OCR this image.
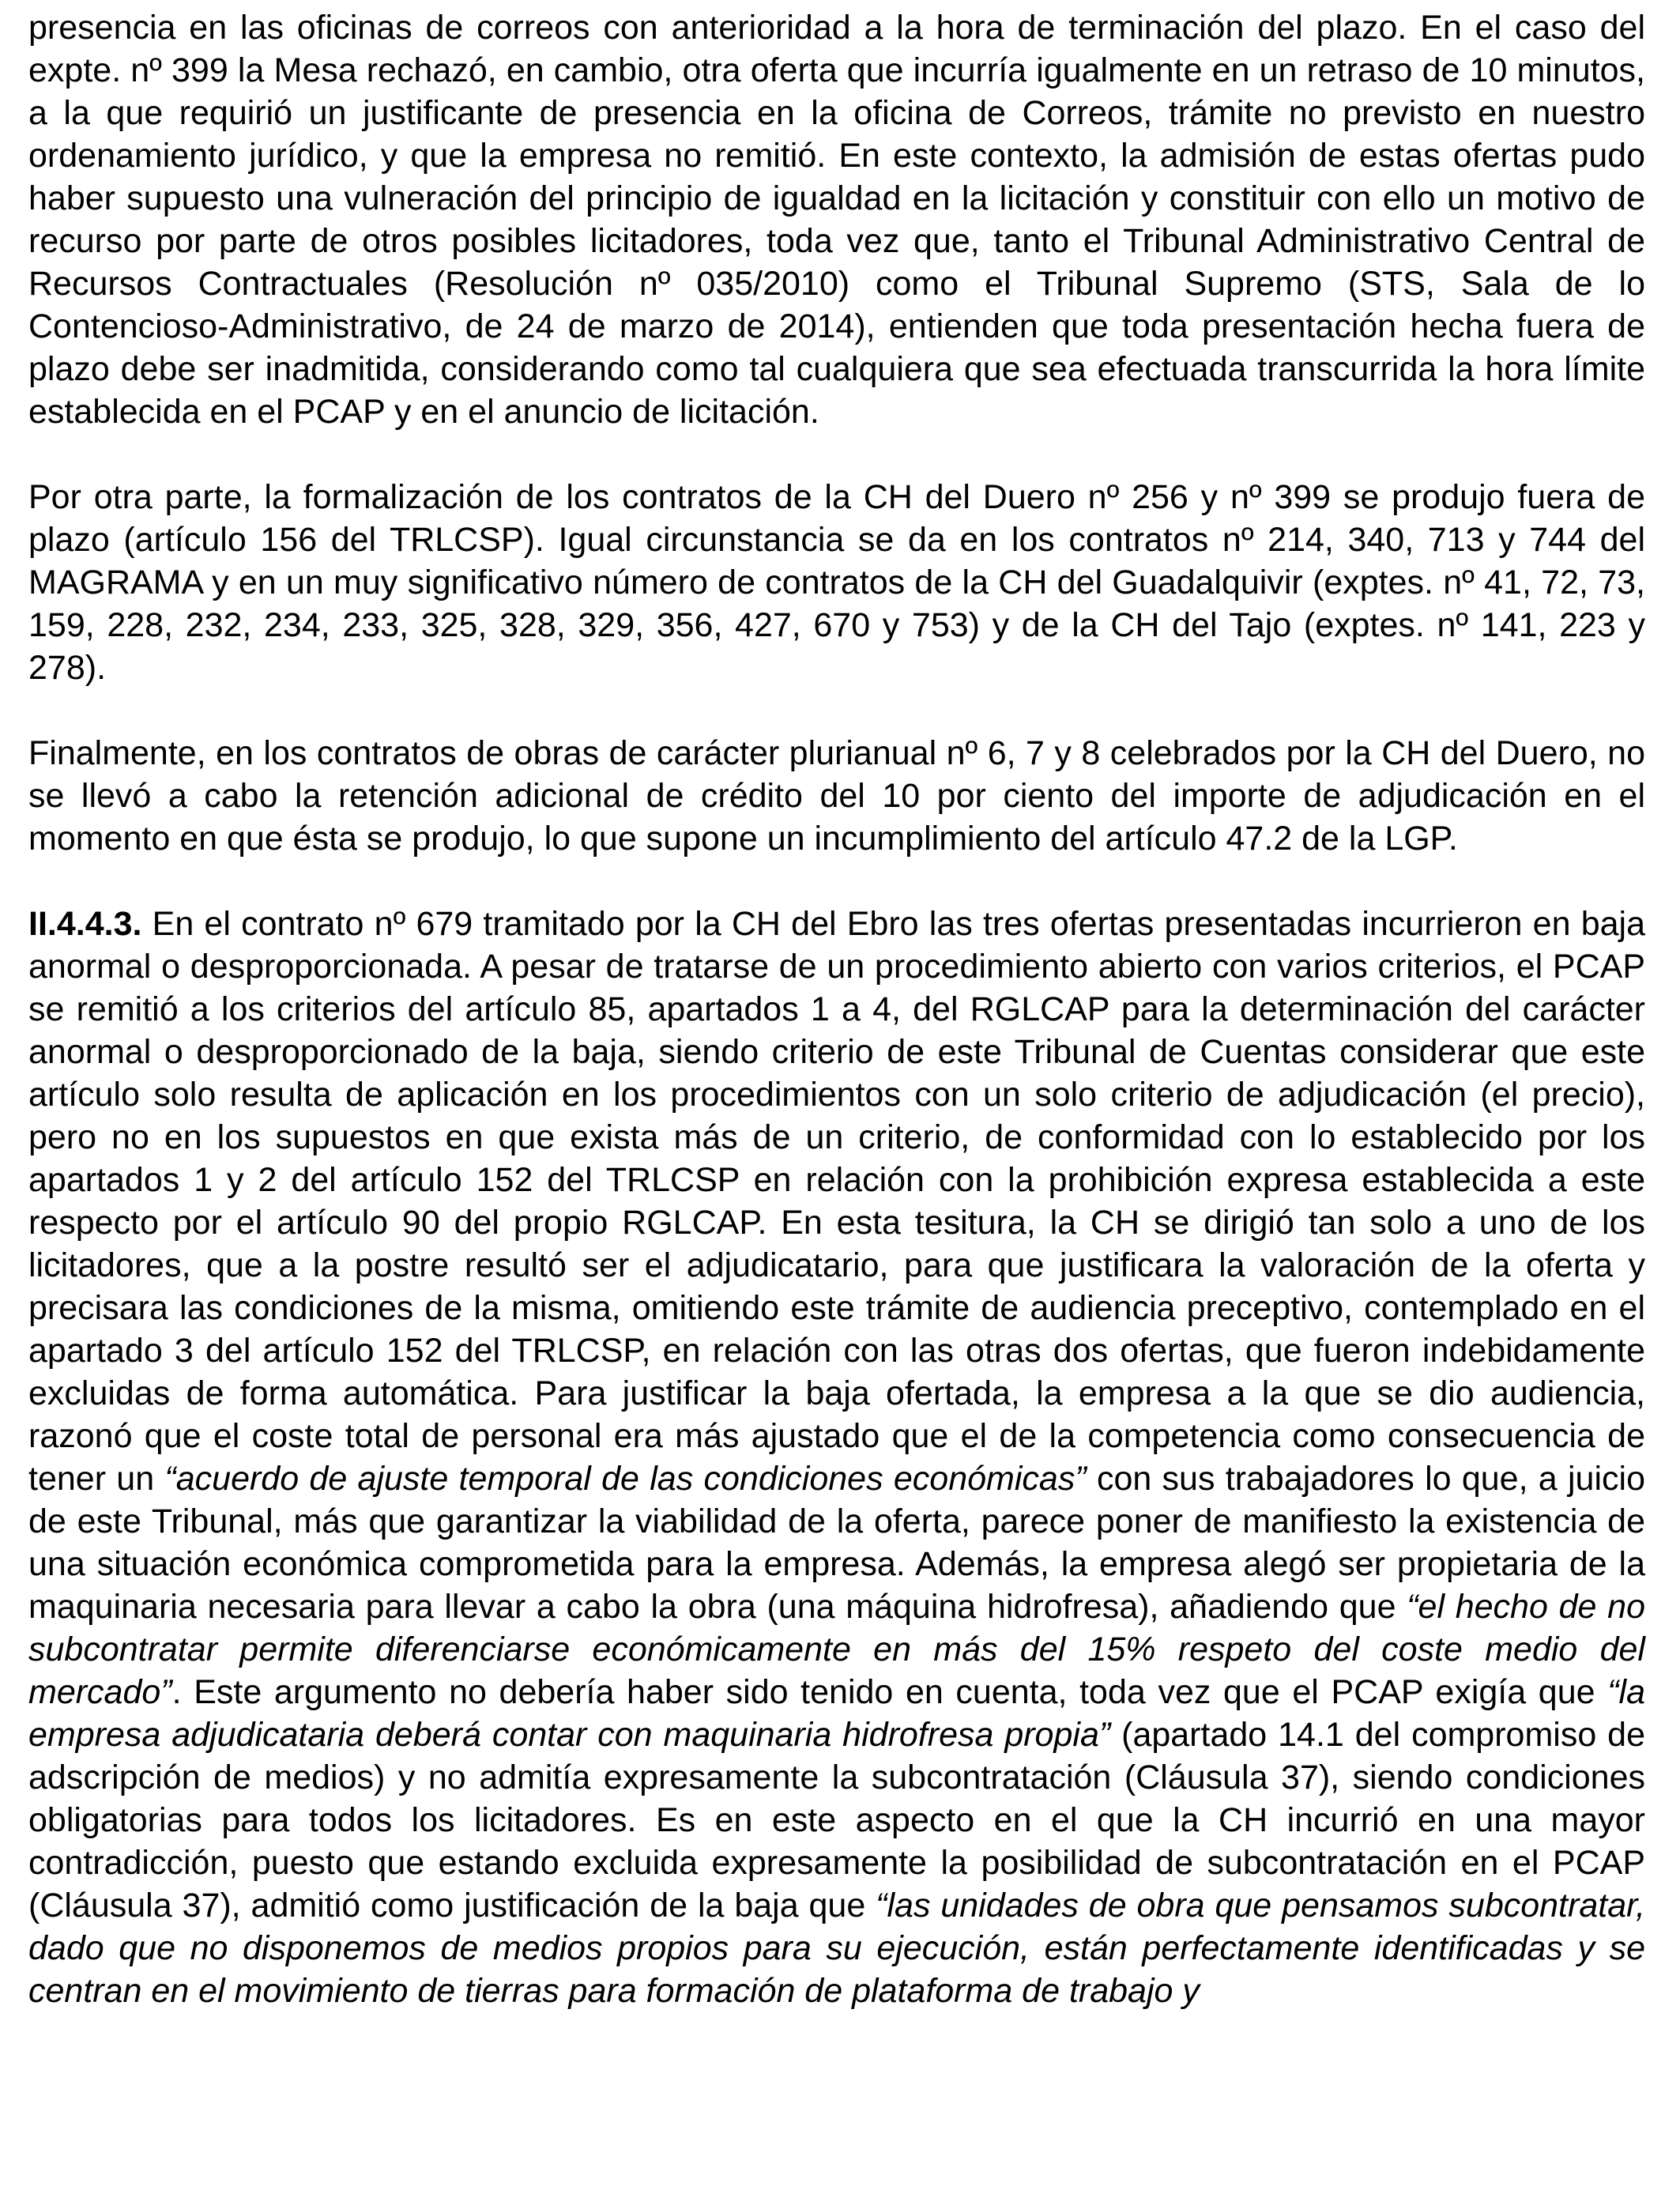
presencia en las oficinas de correos con anterioridad a la hora de terminación del plazo. En el caso del expte. nº 399 la Mesa rechazó, en cambio, otra oferta que incurría igualmente en un retraso de 10 minutos, a la que requirió un justificante de presencia en la oficina de Correos, trámite no previsto en nuestro ordenamiento jurídico, y que la empresa no remitió. En este contexto, la admisión de estas ofertas pudo haber supuesto una vulneración del principio de igualdad en la licitación y constituir con ello un motivo de recurso por parte de otros posibles licitadores, toda vez que, tanto el Tribunal Administrativo Central de Recursos Contractuales (Resolución nº 035/2010) como el Tribunal Supremo (STS, Sala de lo Contencioso-Administrativo, de 24 de marzo de 2014), entienden que toda presentación hecha fuera de plazo debe ser inadmitida, considerando como tal cualquiera que sea efectuada transcurrida la hora límite establecida en el PCAP y en el anuncio de licitación.

Por otra parte, la formalización de los contratos de la CH del Duero nº 256 y nº 399 se produjo fuera de plazo (artículo 156 del TRLCSP). Igual circunstancia se da en los contratos nº 214, 340, 713 y 744 del MAGRAMA y en un muy significativo número de contratos de la CH del Guadalquivir (exptes. nº 41, 72, 73, 159, 228, 232, 234, 233, 325, 328, 329, 356, 427, 670 y 753) y de la CH del Tajo (exptes. nº 141, 223 y 278).

Finalmente, en los contratos de obras de carácter plurianual nº 6, 7 y 8 celebrados por la CH del Duero, no se llevó a cabo la retención adicional de crédito del 10 por ciento del importe de adjudicación en el momento en que ésta se produjo, lo que supone un incumplimiento del artículo 47.2 de la LGP.

II.4.4.3. En el contrato nº 679 tramitado por la CH del Ebro las tres ofertas presentadas incurrieron en baja anormal o desproporcionada. A pesar de tratarse de un procedimiento abierto con varios criterios, el PCAP se remitió a los criterios del artículo 85, apartados 1 a 4, del RGLCAP para la determinación del carácter anormal o desproporcionado de la baja, siendo criterio de este Tribunal de Cuentas considerar que este artículo solo resulta de aplicación en los procedimientos con un solo criterio de adjudicación (el precio), pero no en los supuestos en que exista más de un criterio, de conformidad con lo establecido por los apartados 1 y 2 del artículo 152 del TRLCSP en relación con la prohibición expresa establecida a este respecto por el artículo 90 del propio RGLCAP. En esta tesitura, la CH se dirigió tan solo a uno de los licitadores, que a la postre resultó ser el adjudicatario, para que justificara la valoración de la oferta y precisara las condiciones de la misma, omitiendo este trámite de audiencia preceptivo, contemplado en el apartado 3 del artículo 152 del TRLCSP, en relación con las otras dos ofertas, que fueron indebidamente excluidas de forma automática. Para justificar la baja ofertada, la empresa a la que se dio audiencia, razonó que el coste total de personal era más ajustado que el de la competencia como consecuencia de tener un “acuerdo de ajuste temporal de las condiciones económicas” con sus trabajadores lo que, a juicio de este Tribunal, más que garantizar la viabilidad de la oferta, parece poner de manifiesto la existencia de una situación económica comprometida para la empresa. Además, la empresa alegó ser propietaria de la maquinaria necesaria para llevar a cabo la obra (una máquina hidrofresa), añadiendo que “el hecho de no subcontratar permite diferenciarse económicamente en más del 15% respeto del coste medio del mercado”. Este argumento no debería haber sido tenido en cuenta, toda vez que el PCAP exigía que “la empresa adjudicataria deberá contar con maquinaria hidrofresa propia” (apartado 14.1 del compromiso de adscripción de medios) y no admitía expresamente la subcontratación (Cláusula 37), siendo condiciones obligatorias para todos los licitadores. Es en este aspecto en el que la CH incurrió en una mayor contradicción, puesto que estando excluida expresamente la posibilidad de subcontratación en el PCAP (Cláusula 37), admitió como justificación de la baja que “las unidades de obra que pensamos subcontratar, dado que no disponemos de medios propios para su ejecución, están perfectamente identificadas y se centran en el movimiento de tierras para formación de plataforma de trabajo y
